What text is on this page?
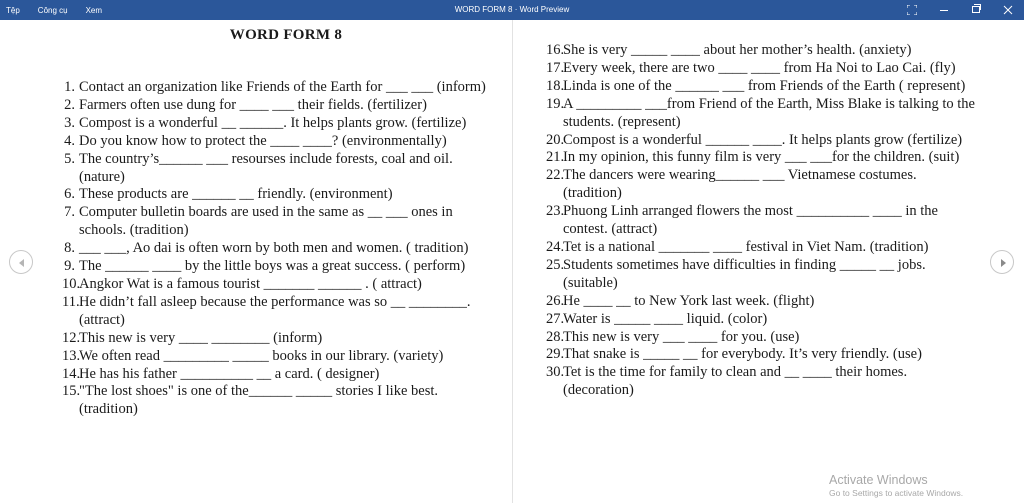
Tệp Công cụ Xem	WORD FORM 8 · Word Preview
WORD FORM 8
1. Contact an organization like Friends of the Earth for ___ ___ (inform)
2. Farmers often use dung for ____ ___ their fields. (fertilizer)
3. Compost is a wonderful __ ______. It helps plants grow. (fertilize)
4. Do you know how to protect the ____ ____? (environmentally)
5. The country’s______ ___ resourses include forests, coal and oil. (nature)
6. These products are ______ __ friendly. (environment)
7. Computer bulletin boards are used in the same as __ ___ ones in schools. (tradition)
8. ___ ___, Ao dai is often worn by both men and women. ( tradition)
9. The ______ ____ by the little boys was a great success. ( perform)
10.
Angkor Wat is a famous tourist _______ ______ . ( attract)
11. He didn’t fall asleep because the performance was so __ ________. (attract)
12.
This new is very ____ ________ (inform)
13.
We often read _________ _____ books in our library. (variety)
14.
He has his father __________ __ a card. ( designer)
15.
"The lost shoes" is one of the______ _____ stories I like best. (tradition)
16.
She is very _____ ____ about her mother’s health. (anxiety)
17.
Every week, there are two ____ ____ from Ha Noi to Lao Cai. (fly)
18.
Linda is one of the ______ ___ from Friends of the Earth ( represent)
19.
A _________ ___from Friend of the Earth, Miss Blake is talking to the students. (represent)
20.
Compost is a wonderful ______ ____. It helps plants grow (fertilize)
21.
In my opinion, this funny film is very ___ ___for the children. (suit)
22.
The dancers were wearing______ ___ Vietnamese costumes. (tradition)
23.
Phuong Linh arranged flowers the most __________ ____ in the contest. (attract)
24.
Tet is a national _______ ____ festival in Viet Nam. (tradition)
25.
Students sometimes have difficulties in finding _____ __ jobs.(suitable)
26.
He ____ __ to New York last week. (flight)
27.
Water is _____ ____ liquid. (color)
28.
This new is very ___ ____ for you. (use)
29.
That snake is _____ __ for everybody. It’s very friendly. (use)
30.
Tet is the time for family to clean and __ ____ their homes. (decoration)
Activate Windows
Go to Settings to activate Windows.
